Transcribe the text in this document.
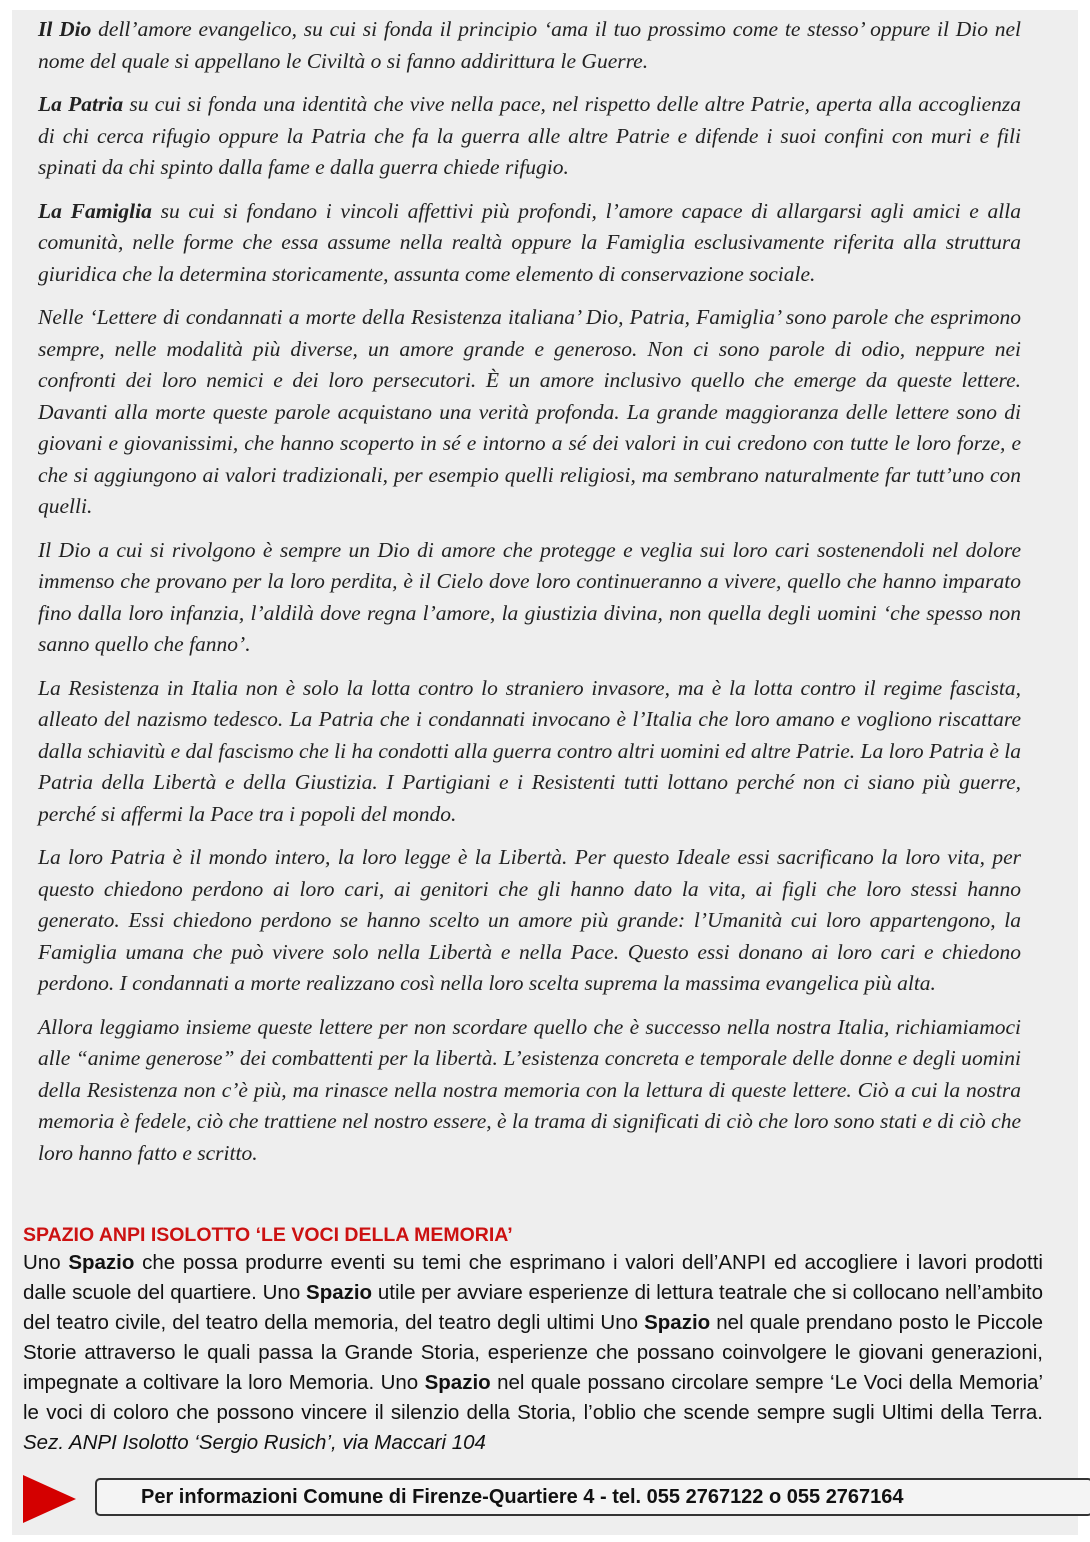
Il Dio dell’amore evangelico, su cui si fonda il principio ‘ama il tuo prossimo come te stesso’ oppure il Dio nel nome del quale si appellano le Civiltà o si fanno addirittura le Guerre.

La Patria su cui si fonda una identità che vive nella pace, nel rispetto delle altre Patrie, aperta alla accoglienza di chi cerca rifugio oppure la Patria che fa la guerra alle altre Patrie e difende i suoi confini con muri e fili spinati da chi spinto dalla fame e dalla guerra chiede rifugio.

La Famiglia su cui si fondano i vincoli affettivi più profondi, l’amore capace di allargarsi agli amici e alla comunità, nelle forme che essa assume nella realtà oppure la Famiglia esclusivamente riferita alla struttura giuridica che la determina storicamente, assunta come elemento di conservazione sociale.

Nelle ‘Lettere di condannati a morte della Resistenza italiana’ Dio, Patria, Famiglia’ sono parole che esprimono sempre, nelle modalità più diverse, un amore grande e generoso. Non ci sono parole di odio, neppure nei confronti dei loro nemici e dei loro persecutori. È un amore inclusivo quello che emerge da queste lettere. Davanti alla morte queste parole acquistano una verità profonda. La grande maggioranza delle lettere sono di giovani e giovanissimi, che hanno scoperto in sé e intorno a sé dei valori in cui credono con tutte le loro forze, e che si aggiungono ai valori tradizionali, per esempio quelli religiosi, ma sembrano naturalmente far tutt’uno con quelli.

Il Dio a cui si rivolgono è sempre un Dio di amore che protegge e veglia sui loro cari sostenendoli nel dolore immenso che provano per la loro perdita, è il Cielo dove loro continueranno a vivere, quello che hanno imparato fino dalla loro infanzia, l’aldilà dove regna l’amore, la giustizia divina, non quella degli uomini ‘che spesso non sanno quello che fanno’.

La Resistenza in Italia non è solo la lotta contro lo straniero invasore, ma è la lotta contro il regime fascista, alleato del nazismo tedesco. La Patria che i condannati invocano è l’Italia che loro amano e vogliono riscattare dalla schiavitù e dal fascismo che li ha condotti alla guerra contro altri uomini ed altre Patrie. La loro Patria è la Patria della Libertà e della Giustizia. I Partigiani e i Resistenti tutti lottano perché non ci siano più guerre, perché si affermi la Pace tra i popoli del mondo.

La loro Patria è il mondo intero, la loro legge è la Libertà. Per questo Ideale essi sacrificano la loro vita, per questo chiedono perdono ai loro cari, ai genitori che gli hanno dato la vita, ai figli che loro stessi hanno generato. Essi chiedono perdono se hanno scelto un amore più grande: l’Umanità cui loro appartengono, la Famiglia umana che può vivere solo nella Libertà e nella Pace. Questo essi donano ai loro cari e chiedono perdono. I condannati a morte realizzano così nella loro scelta suprema la massima evangelica più alta.

Allora leggiamo insieme queste lettere per non scordare quello che è successo nella nostra Italia, richiamiamoci alle “anime generose” dei combattenti per la libertà. L’esistenza concreta e temporale delle donne e degli uomini della Resistenza non c’è più, ma rinasce nella nostra memoria con la lettura di queste lettere. Ciò a cui la nostra memoria è fedele, ciò che trattiene nel nostro essere, è la trama di significati di ciò che loro sono stati e di ciò che loro hanno fatto e scritto.

SPAZIO ANPI ISOLOTTO ‘LE VOCI DELLA MEMORIA’

Uno Spazio che possa produrre eventi su temi che esprimano i valori dell’ANPI ed accogliere i lavori prodotti dalle scuole del quartiere. Uno Spazio utile per avviare esperienze di lettura teatrale che si collocano nell’ambito del teatro civile, del teatro della memoria, del teatro degli ultimi Uno Spazio nel quale prendano posto le Piccole Storie attraverso le quali passa la Grande Storia, esperienze che possano coinvolgere le giovani generazioni, impegnate a coltivare la loro Memoria. Uno Spazio nel quale possano circolare sempre ‘Le Voci della Memoria’ le voci di coloro che possono vincere il silenzio della Storia, l’oblio che scende sempre sugli Ultimi della Terra. Sez. ANPI Isolotto ‘Sergio Rusich’, via Maccari 104

Per informazioni Comune di Firenze-Quartiere 4 - tel. 055 2767122 o 055 2767164
